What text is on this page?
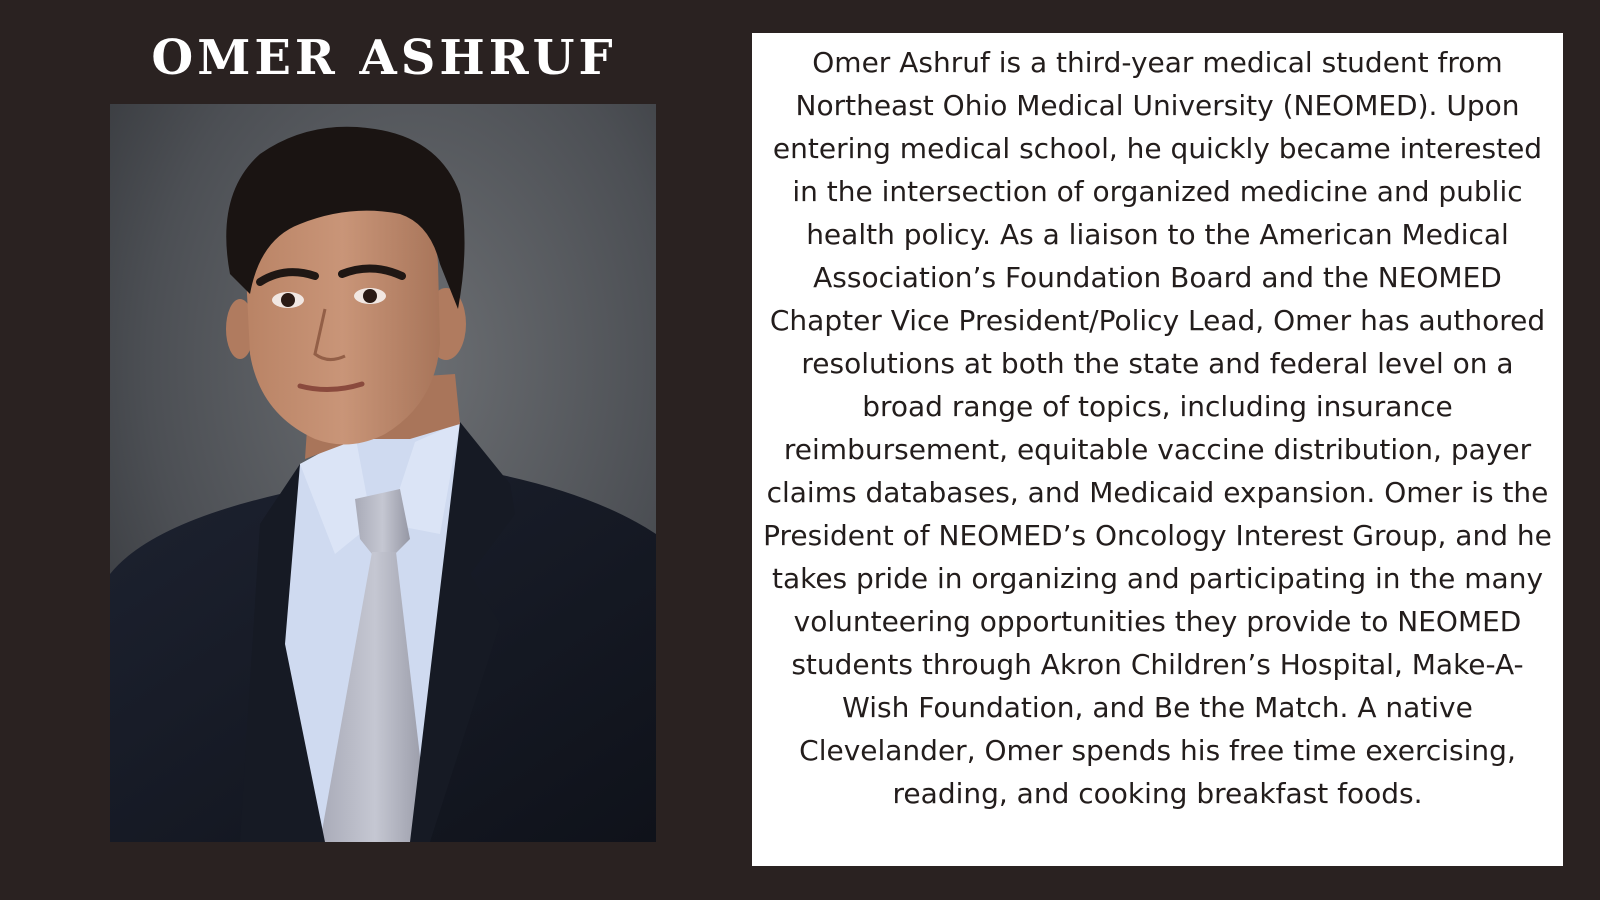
OMER ASHRUF	Omer Ashruf is a third-year medical student from Northeast Ohio Medical University (NEOMED). Upon entering medical school, he quickly became interested in the intersection of organized medicine and public health policy. As a liaison to the American Medical Association’s Foundation Board and the NEOMED Chapter Vice President/Policy Lead, Omer has authored resolutions at both the state and federal level on a broad range of topics, including insurance reimbursement, equitable vaccine distribution, payer claims databases, and Medicaid expansion. Omer is the President of NEOMED’s Oncology Interest Group, and he takes pride in organizing and participating in the many volunteering opportunities they provide to NEOMED students through Akron Children’s Hospital, Make-A-Wish Foundation, and Be the Match. A native Clevelander, Omer spends his free time exercising, reading, and cooking breakfast foods.
